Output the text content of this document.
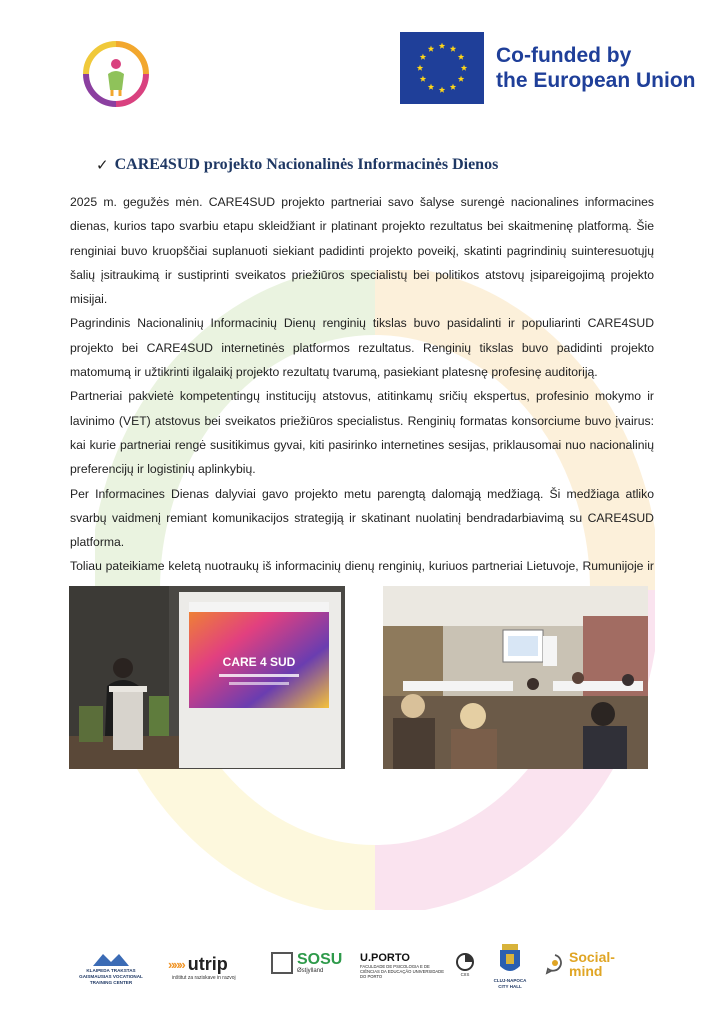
Co-funded by
the European Union
✓ CARE4SUD projekto Nacionalinės Informacinės Dienos

2025 m. gegužės mėn. CARE4SUD projekto partneriai savo šalyse surengė nacionalines informacines dienas, kurios tapo svarbiu etapu skleidžiant ir platinant projekto rezultatus bei skaitmeninę platformą. Šie renginiai buvo kruopščiai suplanuoti siekiant padidinti projekto poveikį, skatinti pagrindinių suinteresuotųjų šalių įsitraukimą ir sustiprinti sveikatos priežiūros specialistų bei politikos atstovų įsipareigojimą projekto misijai.

Pagrindinis Nacionalinių Informacinių Dienų renginių tikslas buvo pasidalinti ir populiarinti CARE4SUD projekto bei CARE4SUD internetinės platformos rezultatus. Renginių tikslas buvo padidinti projekto matomumą ir užtikrinti ilgalaikį projekto rezultatų tvarumą, pasiekiant platesnę profesinę auditoriją.

Partneriai pakvietė kompetentingų institucijų atstovus, atitinkamų sričių ekspertus, profesinio mokymo ir lavinimo (VET) atstovus bei sveikatos priežiūros specialistus. Renginių formatas konsorciume buvo įvairus: kai kurie partneriai rengė susitikimus gyvai, kiti pasirinko internetines sesijas, priklausomai nuo nacionalinių preferencijų ir logistinių aplinkybių.

Per Informacines Dienas dalyviai gavo projekto metu parengtą dalomąją medžiagą. Ši medžiaga atliko svarbų vaidmenį remiant komunikacijos strategiją ir skatinant nuolatinį bendradarbiavimą su CARE4SUD platforma.

Toliau pateikiame keletą nuotraukų iš informacinių dienų renginių, kuriuos partneriai Lietuvoje, Rumunijoje ir

CARE 4 SUD
KLAIPEDA TRAKSTAS GAISMAUSIAS VOCATIONAL TRAINING CENTER
»»» utrip
inštitut za raziskave in razvoj
SOSU
Østjylland
U.PORTO
FACULDADE DE PSICOLOGIA E DE CIÊNCIAS DA EDUCAÇÃO UNIVERSIDADE DO PORTO	CIIS
CLUJ-NAPOCA CITY HALL
Social-
mind
